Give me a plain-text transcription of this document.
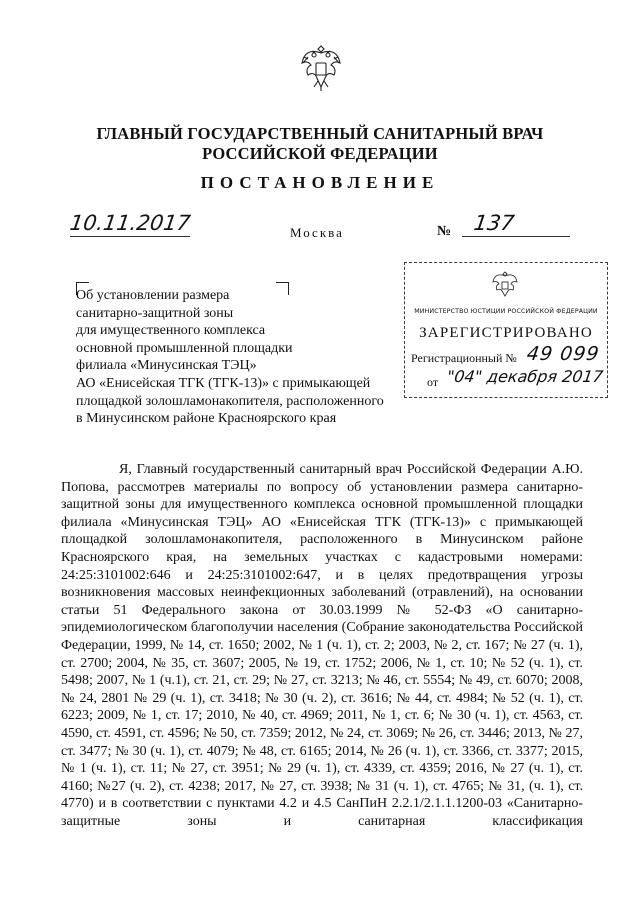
ГЛАВНЫЙ ГОСУДАРСТВЕННЫЙ САНИТАРНЫЙ ВРАЧ
РОССИЙСКОЙ ФЕДЕРАЦИИ
ПОСТАНОВЛЕНИЕ
10.11.2017	Москва	№ 137
Об установлении размера
санитарно-защитной зоны
для имущественного комплекса
основной промышленной площадки
филиала «Минусинская ТЭЦ»
АО «Енисейская ТГК (ТГК-13)» с примыкающей
площадкой золошламонакопителя, расположенного
в Минусинском районе Красноярского края
МИНИСТЕРСТВО ЮСТИЦИИ РОССИЙСКОЙ ФЕДЕРАЦИИ
ЗАРЕГИСТРИРОВАНО
Регистрационный № 49 099
от "04" декабря 2017

Я, Главный государственный санитарный врач Российской Федерации А.Ю. Попова, рассмотрев материалы по вопросу об установлении размера санитарно-защитной зоны для имущественного комплекса основной промышленной площадки филиала «Минусинская ТЭЦ» АО «Енисейская ТГК (ТГК-13)» с примыкающей площадкой золошламонакопителя, расположенного в Минусинском районе Красноярского края, на земельных участках с кадастровыми номерами: 24:25:3101002:646 и 24:25:3101002:647, и в целях предотвращения угрозы возникновения массовых неинфекционных заболеваний (отравлений), на основании статьи 51 Федерального закона от 30.03.1999 № 52-ФЗ «О санитарно-эпидемиологическом благополучии населения (Собрание законодательства Российской Федерации, 1999, № 14, ст. 1650; 2002, № 1 (ч. 1), ст. 2; 2003, № 2, ст. 167; № 27 (ч. 1), ст. 2700; 2004, № 35, ст. 3607; 2005, № 19, ст. 1752; 2006, № 1, ст. 10; № 52 (ч. 1), ст. 5498; 2007, № 1 (ч.1), ст. 21, ст. 29; № 27, ст. 3213; № 46, ст. 5554; № 49, ст. 6070; 2008, № 24, 2801 № 29 (ч. 1), ст. 3418; № 30 (ч. 2), ст. 3616; № 44, ст. 4984; № 52 (ч. 1), ст. 6223; 2009, № 1, ст. 17; 2010, № 40, ст. 4969; 2011, № 1, ст. 6; № 30 (ч. 1), ст. 4563, ст. 4590, ст. 4591, ст. 4596; № 50, ст. 7359; 2012, № 24, ст. 3069; № 26, ст. 3446; 2013, № 27, ст. 3477; № 30 (ч. 1), ст. 4079; № 48, ст. 6165; 2014, № 26 (ч. 1), ст. 3366, ст. 3377; 2015, № 1 (ч. 1), ст. 11; № 27, ст. 3951; № 29 (ч. 1), ст. 4339, ст. 4359; 2016, № 27 (ч. 1), ст. 4160; №27 (ч. 2), ст. 4238; 2017, № 27, ст. 3938; № 31 (ч. 1), ст. 4765; № 31, (ч. 1), ст. 4770) и в соответствии с пунктами 4.2 и 4.5 СанПиН 2.2.1/2.1.1.1200-03 «Санитарно-защитные зоны и санитарная классификация
